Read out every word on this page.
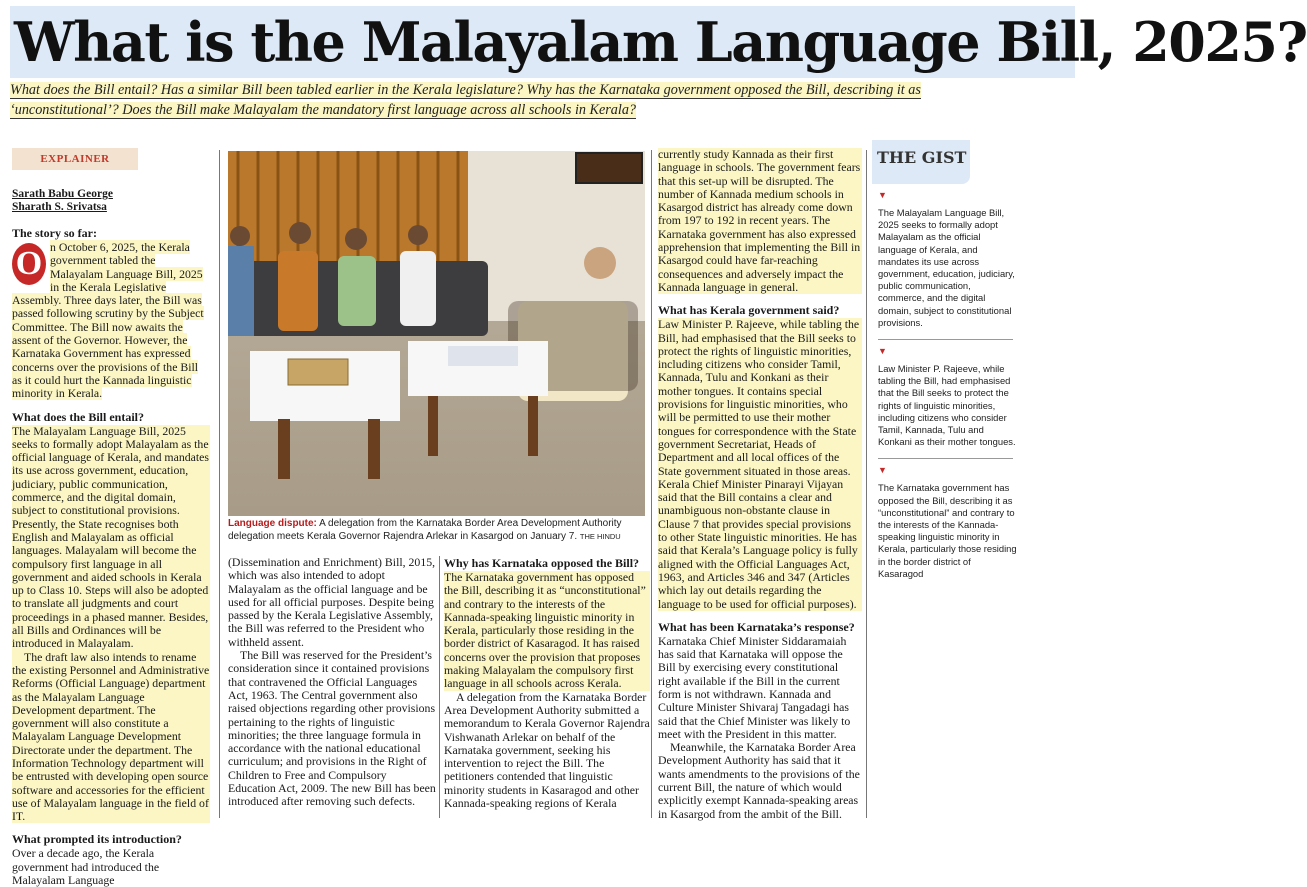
What is the Malayalam Language Bill, 2025?
What does the Bill entail? Has a similar Bill been tabled earlier in the Kerala legislature? Why has the Karnataka government opposed the Bill, describing it as
‘unconstitutional’? Does the Bill make Malayalam the mandatory first language across all schools in Kerala?
EXPLAINER
Sarath Babu George
Sharath S. Srivatsa
The story so far:

O n October 6, 2025, the Kerala government tabled the Malayalam Language Bill, 2025 in the Kerala Legislative Assembly. Three days later, the Bill was passed following scrutiny by the Subject Committee. The Bill now awaits the assent of the Governor. However, the Karnataka Government has expressed concerns over the provisions of the Bill as it could hurt the Kannada linguistic minority in Kerala.

What does the Bill entail?

The Malayalam Language Bill, 2025 seeks to formally adopt Malayalam as the official language of Kerala, and mandates its use across government, education, judiciary, public communication, commerce, and the digital domain, subject to constitutional provisions. Presently, the State recognises both English and Malayalam as official languages. Malayalam will become the compulsory first language in all government and aided schools in Kerala up to Class 10. Steps will also be adopted to translate all judgments and court proceedings in a phased manner. Besides, all Bills and Ordinances will be introduced in Malayalam.

The draft law also intends to rename the existing Personnel and Administrative Reforms (Official Language) department as the Malayalam Language Development department. The government will also constitute a Malayalam Language Development Directorate under the department. The Information Technology department will be entrusted with developing open source software and accessories for the efficient use of Malayalam language in the field of IT.

What prompted its introduction?

Over a decade ago, the Kerala government had introduced the Malayalam Language

Language dispute: A delegation from the Karnataka Border Area Development Authority delegation meets Kerala Governor Rajendra Arlekar in Kasargod on January 7. THE HINDU

(Dissemination and Enrichment) Bill, 2015, which was also intended to adopt Malayalam as the official language and be used for all official purposes. Despite being passed by the Kerala Legislative Assembly, the Bill was referred to the President who withheld assent.

The Bill was reserved for the President’s consideration since it contained provisions that contravened the Official Languages Act, 1963. The Central government also raised objections regarding other provisions pertaining to the rights of linguistic minorities; the three language formula in accordance with the national educational curriculum; and provisions in the Right of Children to Free and Compulsory Education Act, 2009. The new Bill has been introduced after removing such defects.

Why has Karnataka opposed the Bill?

The Karnataka government has opposed the Bill, describing it as “unconstitutional” and contrary to the interests of the Kannada-speaking linguistic minority in Kerala, particularly those residing in the border district of Kasaragod. It has raised concerns over the provision that proposes making Malayalam the compulsory first language in all schools across Kerala.

A delegation from the Karnataka Border Area Development Authority submitted a memorandum to Kerala Governor Rajendra Vishwanath Arlekar on behalf of the Karnataka government, seeking his intervention to reject the Bill. The petitioners contended that linguistic minority students in Kasaragod and other Kannada-speaking regions of Kerala

currently study Kannada as their first language in schools. The government fears that this set-up will be disrupted. The number of Kannada medium schools in Kasargod district has already come down from 197 to 192 in recent years. The Karnataka government has also expressed apprehension that implementing the Bill in Kasargod could have far-reaching consequences and adversely impact the Kannada language in general.

What has Kerala government said?

Law Minister P. Rajeeve, while tabling the Bill, had emphasised that the Bill seeks to protect the rights of linguistic minorities, including citizens who consider Tamil, Kannada, Tulu and Konkani as their mother tongues. It contains special provisions for linguistic minorities, who will be permitted to use their mother tongues for correspondence with the State government Secretariat, Heads of Department and all local offices of the State government situated in those areas. Kerala Chief Minister Pinarayi Vijayan said that the Bill contains a clear and unambiguous non-obstante clause in Clause 7 that provides special provisions to other State linguistic minorities. He has said that Kerala’s Language policy is fully aligned with the Official Languages Act, 1963, and Articles 346 and 347 (Articles which lay out details regarding the language to be used for official purposes).

What has been Karnataka’s response?

Karnataka Chief Minister Siddaramaiah has said that Karnataka will oppose the Bill by exercising every constitutional right available if the Bill in the current form is not withdrawn. Kannada and Culture Minister Shivaraj Tangadagi has said that the Chief Minister was likely to meet with the President in this matter.

Meanwhile, the Karnataka Border Area Development Authority has said that it wants amendments to the provisions of the current Bill, the nature of which would explicitly exempt Kannada-speaking areas in Kasargod from the ambit of the Bill.

THE GIST
▼
The Malayalam Language Bill, 2025 seeks to formally adopt Malayalam as the official language of Kerala, and mandates its use across government, education, judiciary, public communication, commerce, and the digital domain, subject to constitutional provisions.
▼
Law Minister P. Rajeeve, while tabling the Bill, had emphasised that the Bill seeks to protect the rights of linguistic minorities, including citizens who consider Tamil, Kannada, Tulu and Konkani as their mother tongues.
▼
The Karnataka government has opposed the Bill, describing it as “unconstitutional” and contrary to the interests of the Kannada-speaking linguistic minority in Kerala, particularly those residing in the border district of Kasaragod
